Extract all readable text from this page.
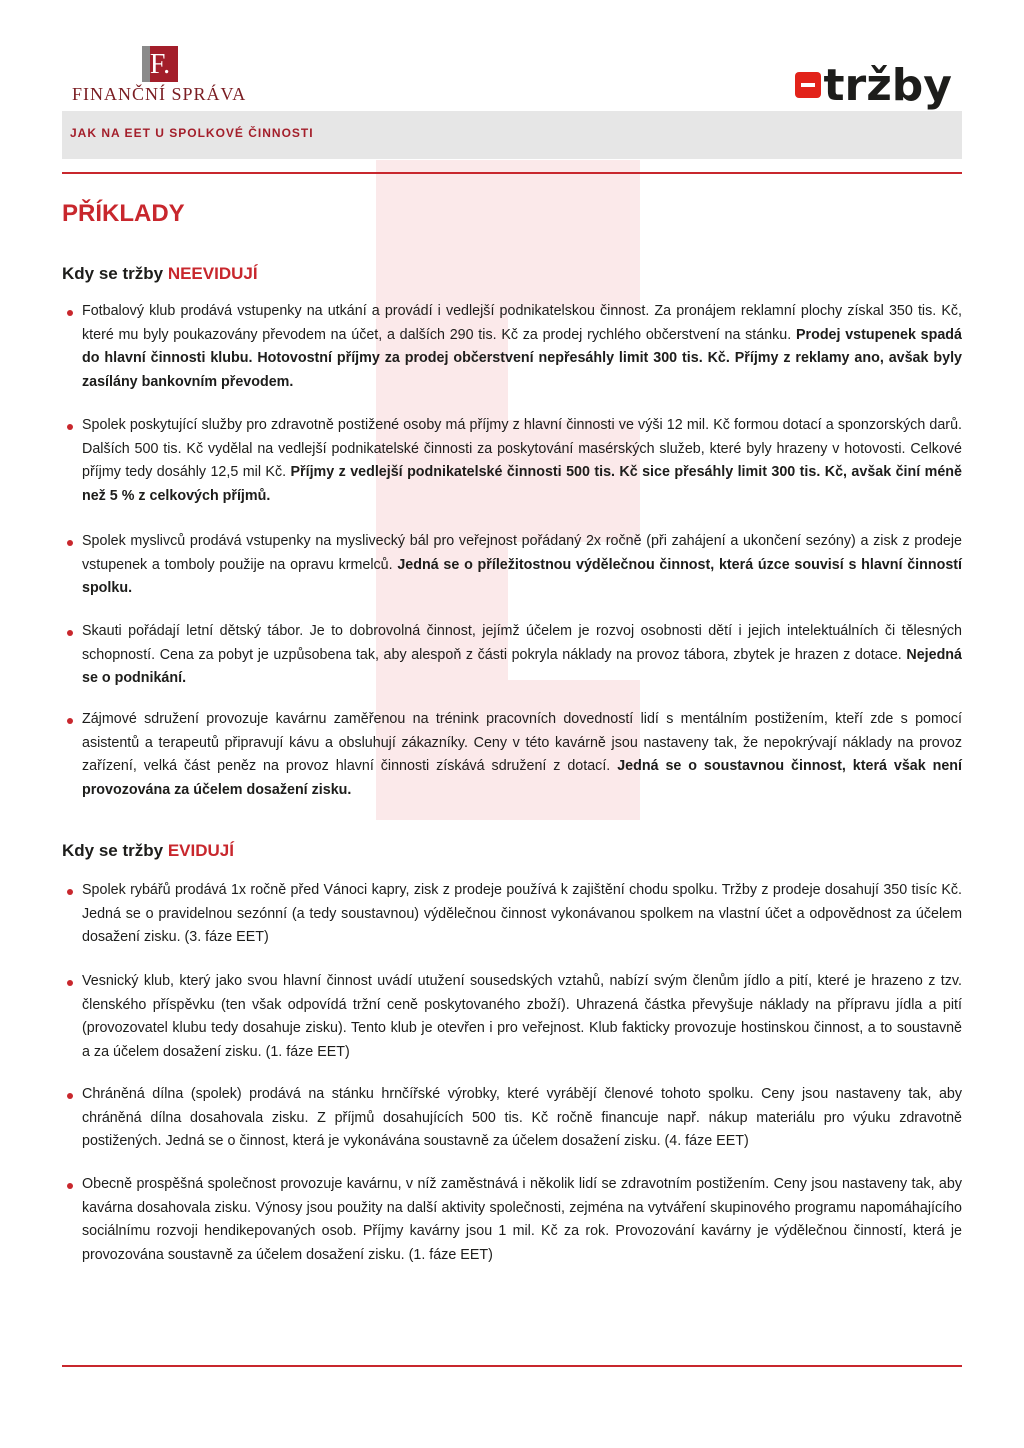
F.
FINANČNÍ SPRÁVA	tržby
JAK NA EET U SPOLKOVÉ ČINNOSTI
PŘÍKLADY
Kdy se tržby NEEVIDUJÍ
Fotbalový klub prodává vstupenky na utkání a provádí i vedlejší podnikatelskou činnost. Za pronájem reklamní plochy získal 350 tis. Kč, které mu byly poukazovány převodem na účet, a dalších 290 tis. Kč za prodej rychlého občerstvení na stánku. Prodej vstupenek spadá do hlavní činnosti klubu. Hotovostní příjmy za prodej občerstvení nepřesáhly limit 300 tis. Kč. Příjmy z reklamy ano, avšak byly zasílány bankovním převodem.
Spolek poskytující služby pro zdravotně postižené osoby má příjmy z hlavní činnosti ve výši 12 mil. Kč formou dotací a sponzorských darů. Dalších 500 tis. Kč vydělal na vedlejší podnikatelské činnosti za poskytování masérských služeb, které byly hrazeny v hotovosti. Celkové příjmy tedy dosáhly 12,5 mil Kč. Příjmy z vedlejší podnikatelské činnosti 500 tis. Kč sice přesáhly limit 300 tis. Kč, avšak činí méně než 5 % z celkových příjmů.
Spolek myslivců prodává vstupenky na myslivecký bál pro veřejnost pořádaný 2x ročně (při zahájení a ukončení sezóny) a zisk z prodeje vstupenek a tomboly použije na opravu krmelců. Jedná se o příležitostnou výdělečnou činnost, která úzce souvisí s hlavní činností spolku.
Skauti pořádají letní dětský tábor. Je to dobrovolná činnost, jejímž účelem je rozvoj osobnosti dětí i jejich intelektuálních či tělesných schopností. Cena za pobyt je uzpůsobena tak, aby alespoň z části pokryla náklady na provoz tábora, zbytek je hrazen z dotace. Nejedná se o podnikání.
Zájmové sdružení provozuje kavárnu zaměřenou na trénink pracovních dovedností lidí s mentálním postižením, kteří zde s pomocí asistentů a terapeutů připravují kávu a obsluhují zákazníky. Ceny v této kavárně jsou nastaveny tak, že nepokrývají náklady na provoz zařízení, velká část peněz na provoz hlavní činnosti získává sdružení z dotací. Jedná se o soustavnou činnost, která však není provozována za účelem dosažení zisku.
Kdy se tržby EVIDUJÍ
Spolek rybářů prodává 1x ročně před Vánoci kapry, zisk z prodeje používá k zajištění chodu spolku. Tržby z prodeje dosahují 350 tisíc Kč. Jedná se o pravidelnou sezónní (a tedy soustavnou) výdělečnou činnost vykonávanou spolkem na vlastní účet a odpovědnost za účelem dosažení zisku. (3. fáze EET)
Vesnický klub, který jako svou hlavní činnost uvádí utužení sousedských vztahů, nabízí svým členům jídlo a pití, které je hrazeno z tzv. členského příspěvku (ten však odpovídá tržní ceně poskytovaného zboží). Uhrazená částka převyšuje náklady na přípravu jídla a pití (provozovatel klubu tedy dosahuje zisku). Tento klub je otevřen i pro veřejnost. Klub fakticky provozuje hostinskou činnost, a to soustavně a za účelem dosažení zisku. (1. fáze EET)
Chráněná dílna (spolek) prodává na stánku hrnčířské výrobky, které vyrábějí členové tohoto spolku. Ceny jsou nastaveny tak, aby chráněná dílna dosahovala zisku. Z příjmů dosahujících 500 tis. Kč ročně financuje např. nákup materiálu pro výuku zdravotně postižených. Jedná se o činnost, která je vykonávána soustavně za účelem dosažení zisku. (4. fáze EET)
Obecně prospěšná společnost provozuje kavárnu, v níž zaměstnává i několik lidí se zdravotním postižením. Ceny jsou nastaveny tak, aby kavárna dosahovala zisku. Výnosy jsou použity na další aktivity společnosti, zejména na vytváření skupinového programu napomáhajícího sociálnímu rozvoji hendikepovaných osob. Příjmy kavárny jsou 1 mil. Kč za rok. Provozování kavárny je výdělečnou činností, která je provozována soustavně za účelem dosažení zisku. (1. fáze EET)
